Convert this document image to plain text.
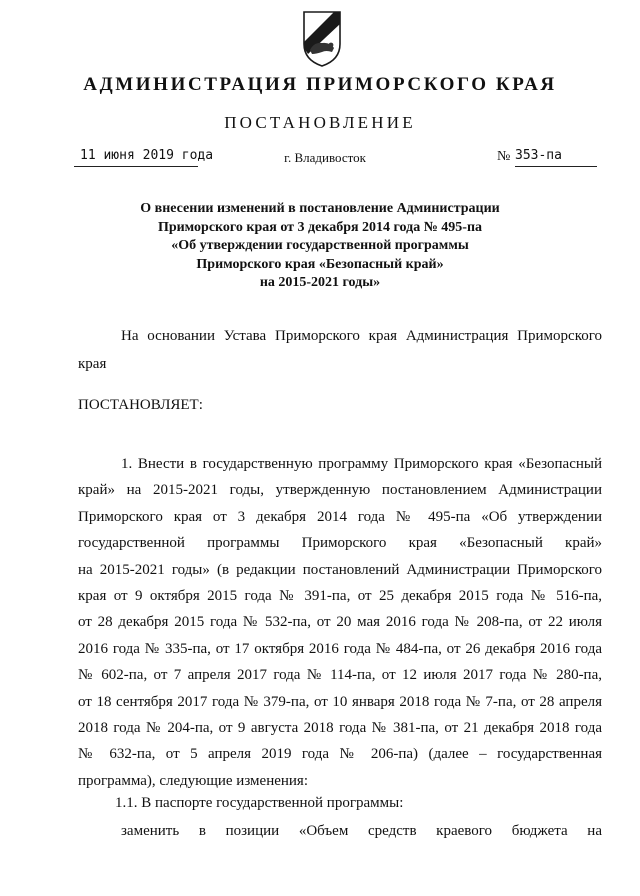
АДМИНИСТРАЦИЯ ПРИМОРСКОГО КРАЯ
ПОСТАНОВЛЕНИЕ
11 июня 2019 года	г. Владивосток	№ 353-па
О внесении изменений в постановление Администрации
Приморского края от 3 декабря 2014 года № 495-па
«Об утверждении государственной программы
Приморского края «Безопасный край»
на 2015-2021 годы»
На основании Устава Приморского края Администрация Приморского
края
ПОСТАНОВЛЯЕТ:
1. Внести в государственную программу Приморского края «Безопасный
край» на 2015-2021 годы, утвержденную постановлением Администрации
Приморского края от 3 декабря 2014 года № 495-па «Об утверждении
государственной программы Приморского края «Безопасный край»
на 2015-2021 годы» (в редакции постановлений Администрации Приморского
края от 9 октября 2015 года № 391-па, от 25 декабря 2015 года № 516-па,
от 28 декабря 2015 года № 532-па, от 20 мая 2016 года № 208-па, от 22 июля
2016 года № 335-па, от 17 октября 2016 года № 484-па, от 26 декабря 2016 года
№ 602-па, от 7 апреля 2017 года № 114-па, от 12 июля 2017 года № 280-па,
от 18 сентября 2017 года № 379-па, от 10 января 2018 года № 7-па, от 28 апреля
2018 года № 204-па, от 9 августа 2018 года № 381-па, от 21 декабря 2018 года
№ 632-па, от 5 апреля 2019 года № 206-па) (далее – государственная
программа), следующие изменения:
1.1. В паспорте государственной программы:
заменить в позиции «Объем средств краевого бюджета на
